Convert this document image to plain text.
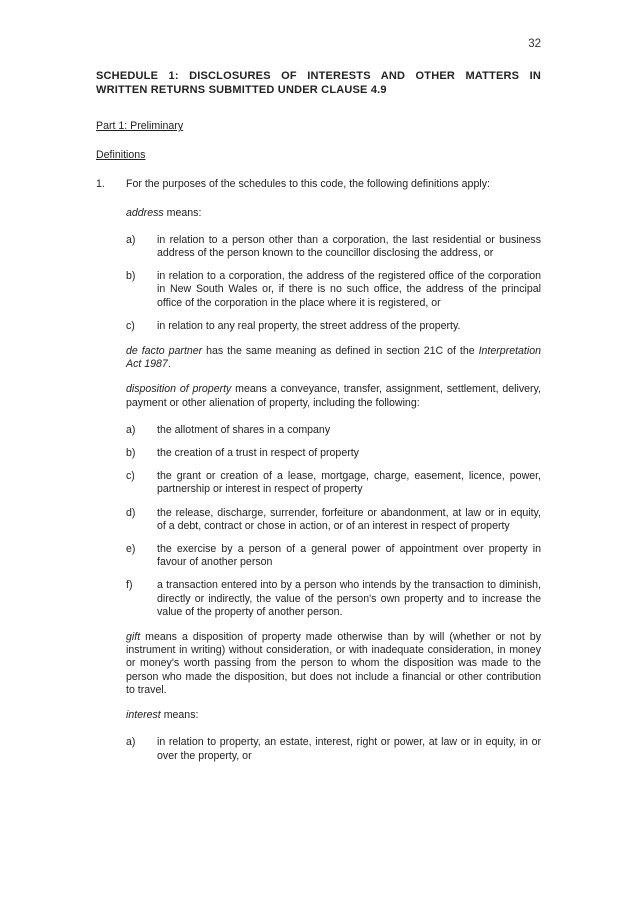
32
SCHEDULE 1: DISCLOSURES OF INTERESTS AND OTHER MATTERS IN
WRITTEN RETURNS SUBMITTED UNDER CLAUSE 4.9

Part 1: Preliminary

Definitions

1.	For the purposes of the schedules to this code, the following definitions apply:

address means:

a)	in relation to a person other than a corporation, the last residential or business address of the person known to the councillor disclosing the address, or
b)	in relation to a corporation, the address of the registered office of the corporation in New South Wales or, if there is no such office, the address of the principal office of the corporation in the place where it is registered, or
c)	in relation to any real property, the street address of the property.

de facto partner has the same meaning as defined in section 21C of the Interpretation Act 1987.

disposition of property means a conveyance, transfer, assignment, settlement, delivery, payment or other alienation of property, including the following:

a)	the allotment of shares in a company
b)	the creation of a trust in respect of property
c)	the grant or creation of a lease, mortgage, charge, easement, licence, power, partnership or interest in respect of property
d)	the release, discharge, surrender, forfeiture or abandonment, at law or in equity, of a debt, contract or chose in action, or of an interest in respect of property
e)	the exercise by a person of a general power of appointment over property in favour of another person
f)	a transaction entered into by a person who intends by the transaction to diminish, directly or indirectly, the value of the person's own property and to increase the value of the property of another person.

gift means a disposition of property made otherwise than by will (whether or not by instrument in writing) without consideration, or with inadequate consideration, in money or money's worth passing from the person to whom the disposition was made to the person who made the disposition, but does not include a financial or other contribution to travel.

interest means:

a)	in relation to property, an estate, interest, right or power, at law or in equity, in or over the property, or
